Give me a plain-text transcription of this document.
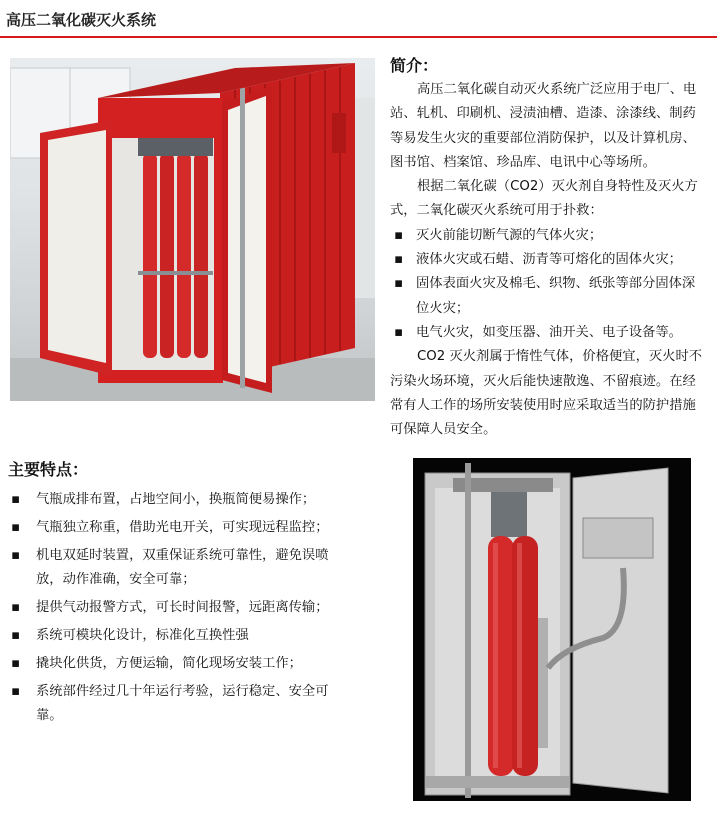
高压二氧化碳灭火系统
简介：

高压二氧化碳自动灭火系统广泛应用于电厂、电站、轧机、印刷机、浸渍油槽、造漆、涂漆线、制药等易发生火灾的重要部位消防保护，以及计算机房、图书馆、档案馆、珍品库、电讯中心等场所。

根据二氧化碳（CO2）灭火剂自身特性及灭火方式，二氧化碳灭火系统可用于扑救：

▪ 灭火前能切断气源的气体火灾；
▪ 液体火灾或石蜡、沥青等可熔化的固体火灾；
▪ 固体表面火灾及棉毛、织物、纸张等部分固体深位火灾；
▪ 电气火灾，如变压器、油开关、电子设备等。

CO2 灭火剂属于惰性气体，价格便宜，灭火时不污染火场环境，灭火后能快速散逸、不留痕迹。在经常有人工作的场所安装使用时应采取适当的防护措施可保障人员安全。

主要特点：
▪	气瓶成排布置，占地空间小，换瓶简便易操作；
▪	气瓶独立称重，借助光电开关，可实现远程监控；
▪	机电双延时装置，双重保证系统可靠性，避免误喷放，动作准确，安全可靠；
▪	提供气动报警方式，可长时间报警，远距离传输；
▪	系统可模块化设计，标准化互换性强
▪	撬块化供货，方便运输，简化现场安装工作；
▪	系统部件经过几十年运行考验，运行稳定、安全可靠。
